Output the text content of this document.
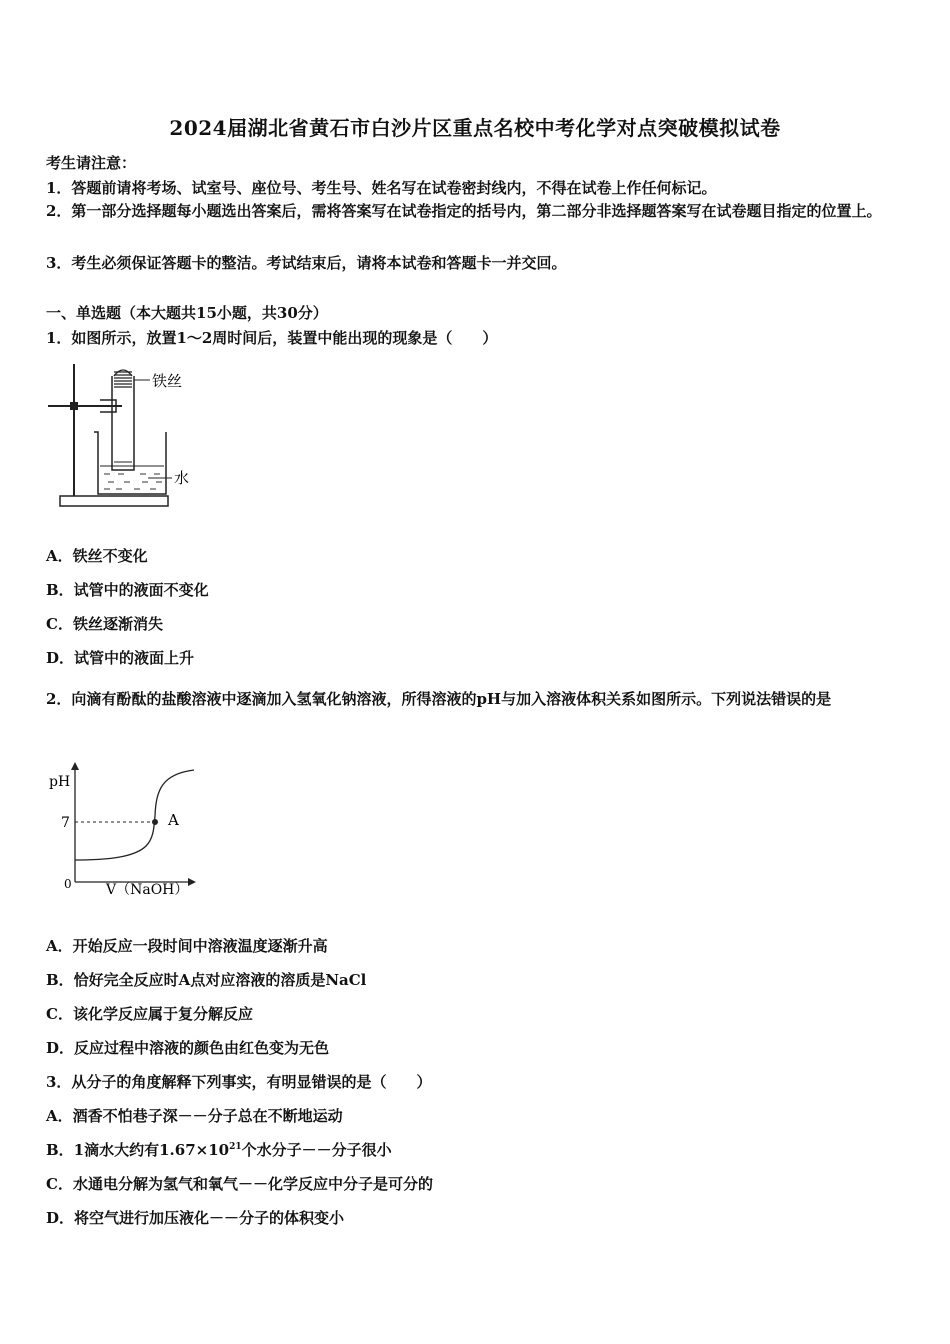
2024届湖北省黄石市白沙片区重点名校中考化学对点突破模拟试卷
考生请注意：
1．答题前请将考场、试室号、座位号、考生号、姓名写在试卷密封线内，不得在试卷上作任何标记。
2．第一部分选择题每小题选出答案后，需将答案写在试卷指定的括号内，第二部分非选择题答案写在试卷题目指定的位置上。
3．考生必须保证答题卡的整洁。考试结束后，请将本试卷和答题卡一并交回。
一、单选题（本大题共15小题，共30分）
1．如图所示，放置1～2周时间后，装置中能出现的现象是（　　）
铁丝
水
A．铁丝不变化
B．试管中的液面不变化
C．铁丝逐渐消失
D．试管中的液面上升
2．向滴有酚酞的盐酸溶液中逐滴加入氢氧化钠溶液，所得溶液的pH与加入溶液体积关系如图所示。下列说法错误的是
pH
7	A
0 V（NaOH）
A．开始反应一段时间中溶液温度逐渐升高
B．恰好完全反应时A点对应溶液的溶质是NaCl
C．该化学反应属于复分解反应
D．反应过程中溶液的颜色由红色变为无色
3．从分子的角度解释下列事实，有明显错误的是（　　）
A．酒香不怕巷子深－－分子总在不断地运动
B．1滴水大约有$1.67\times 10^{21}$个水分子－－分子很小
C．水通电分解为氢气和氧气－－化学反应中分子是可分的
D．将空气进行加压液化－－分子的体积变小
